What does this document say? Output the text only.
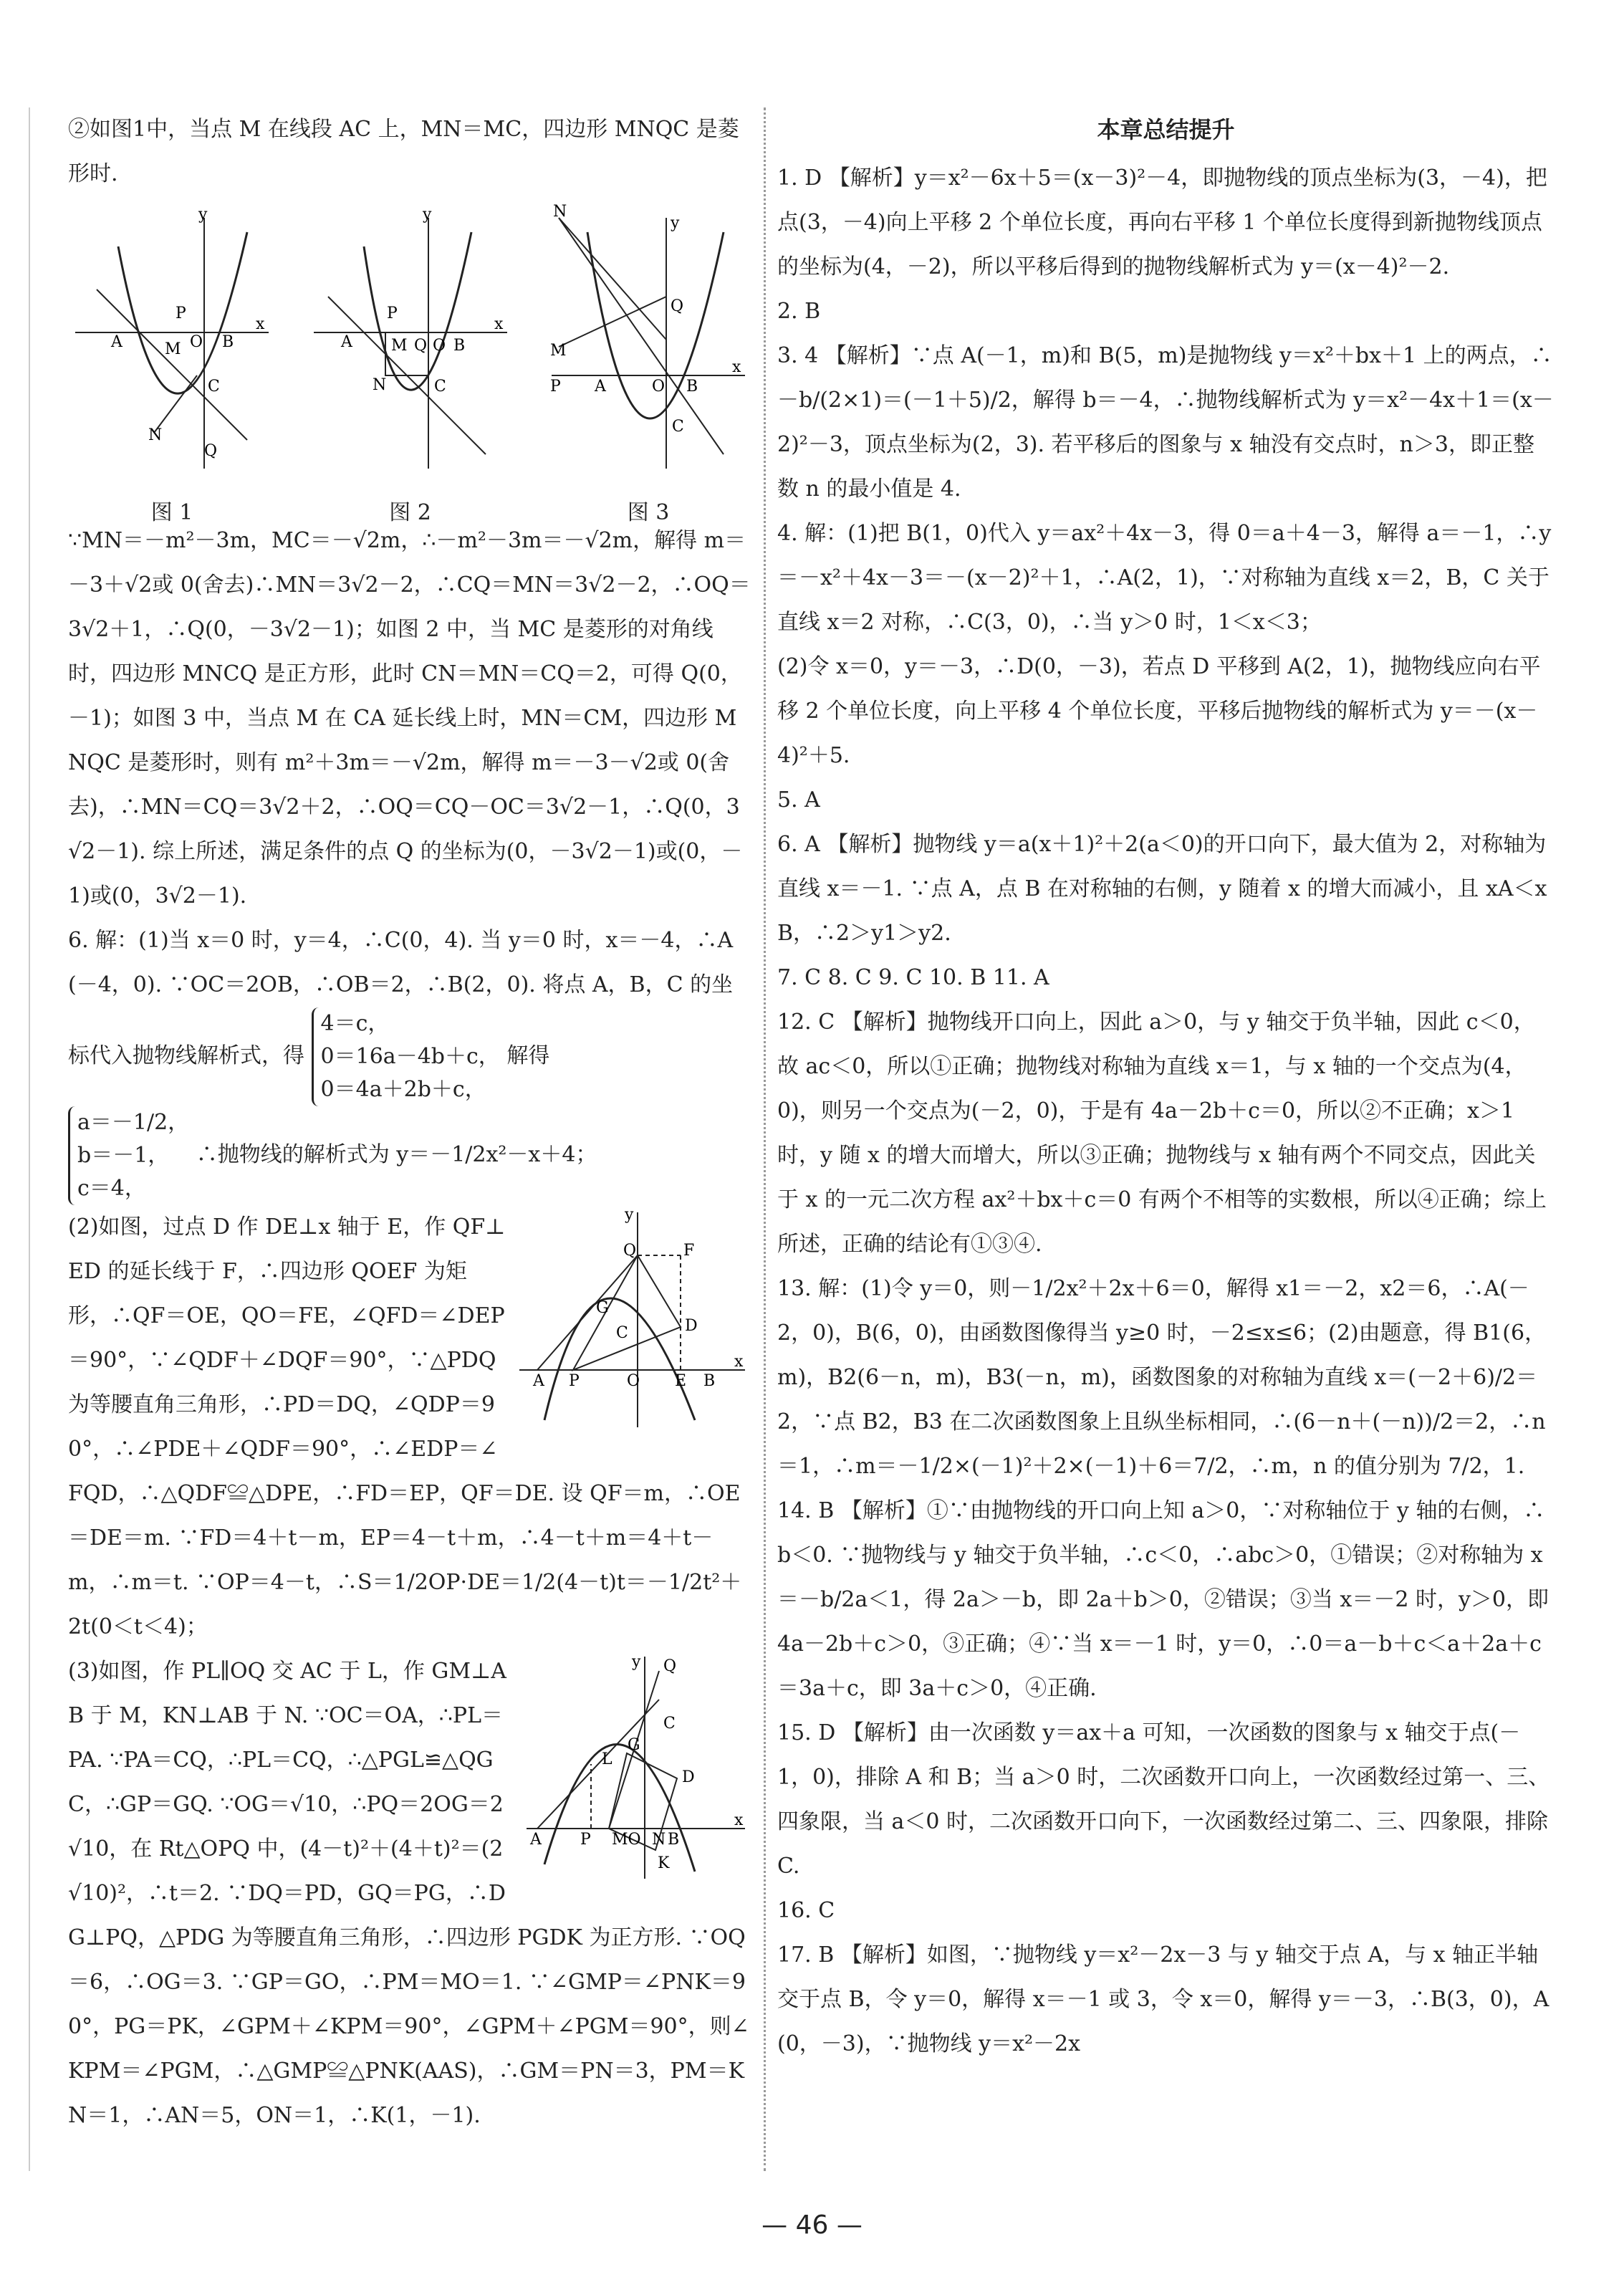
②如图1中，当点 M 在线段 AC 上，MN＝MC，四边形 MNQC 是菱形时.

y
x
A
P
O B
M
C
N
Q
图 1
y
x
A
P
M Q O B
N	C
图 2
y
x
N
Q
M
P A	O B
C
图 3

∵MN＝－m²－3m，MC＝－√2m，∴－m²－3m＝－√2m，解得 m＝－3＋√2或 0(舍去)∴MN＝3√2－2，∴CQ＝MN＝3√2－2，∴OQ＝3√2＋1，∴Q(0，－3√2－1)；如图 2 中，当 MC 是菱形的对角线时，四边形 MNCQ 是正方形，此时 CN＝MN＝CQ＝2，可得 Q(0，－1)；如图 3 中，当点 M 在 CA 延长线上时，MN＝CM，四边形 MNQC 是菱形时，则有 m²＋3m＝－√2m，解得 m＝－3－√2或 0(舍去)，∴MN＝CQ＝3√2＋2，∴OQ＝CQ－OC＝3√2－1，∴Q(0，3√2－1). 综上所述，满足条件的点 Q 的坐标为(0，－3√2－1)或(0，－1)或(0，3√2－1).

6. 解：(1)当 x＝0 时，y＝4，∴C(0，4). 当 y＝0 时，x＝－4，∴A(－4，0). ∵OC＝2OB，∴OB＝2，∴B(2，0). 将点 A，B，C 的坐标代入抛物线解析式，得 4＝c，
0＝16a－4b＋c，
0＝4a＋2b＋c， 解得

a＝－1/2，
b＝－1，
c＝4， ∴抛物线的解析式为 y＝－1/2x²－x＋4；

y
x
Q	F
G
C	D
A P	O E B

(2)如图，过点 D 作 DE⊥x 轴于 E，作 QF⊥ED 的延长线于 F，∴四边形 QOEF 为矩形，∴QF＝OE，QO＝FE，∠QFD＝∠DEP＝90°，∵∠QDF＋∠DQF＝90°，∵△PDQ 为等腰直角三角形，∴PD＝DQ，∠QDP＝90°，∴∠PDE＋∠QDF＝90°，∴∠EDP＝∠FQD，∴△QDF≌△DPE，∴FD＝EP，QF＝DE. 设 QF＝m，∴OE＝DE＝m. ∵FD＝4＋t－m，EP＝4－t＋m，∴4－t＋m＝4＋t－m，∴m＝t. ∵OP＝4－t，∴S＝1/2OP·DE＝1/2(4－t)t＝－1/2t²＋2t(0＜t＜4)；

y Q
x
L
G
C
D
A P MO N B
K

(3)如图，作 PL∥OQ 交 AC 于 L，作 GM⊥AB 于 M，KN⊥AB 于 N. ∵OC＝OA，∴PL＝PA. ∵PA＝CQ，∴PL＝CQ，∴△PGL≌△QGC，∴GP＝GQ. ∵OG＝√10，∴PQ＝2OG＝2√10，在 Rt△OPQ 中，(4－t)²＋(4＋t)²＝(2√10)²，∴t＝2. ∵DQ＝PD，GQ＝PG，∴DG⊥PQ，△PDG 为等腰直角三角形，∴四边形 PGDK 为正方形. ∵OQ＝6，∴OG＝3. ∵GP＝GO，∴PM＝MO＝1. ∵∠GMP＝∠PNK＝90°，PG＝PK，∠GPM＋∠KPM＝90°，∠GPM＋∠PGM＝90°，则∠KPM＝∠PGM，∴△GMP≌△PNK(AAS)，∴GM＝PN＝3，PM＝KN＝1，∴AN＝5，ON＝1，∴K(1，－1).

本章总结提升

1. D 【解析】y＝x²－6x＋5＝(x－3)²－4，即抛物线的顶点坐标为(3，－4)，把点(3，－4)向上平移 2 个单位长度，再向右平移 1 个单位长度得到新抛物线顶点的坐标为(4，－2)，所以平移后得到的抛物线解析式为 y＝(x－4)²－2.

2. B

3. 4 【解析】∵点 A(－1，m)和 B(5，m)是抛物线 y＝x²＋bx＋1 上的两点，∴－b/(2×1)＝(－1＋5)/2，解得 b＝－4，∴抛物线解析式为 y＝x²－4x＋1＝(x－2)²－3，顶点坐标为(2，3). 若平移后的图象与 x 轴没有交点时，n＞3，即正整数 n 的最小值是 4.

4. 解：(1)把 B(1，0)代入 y＝ax²＋4x－3，得 0＝a＋4－3，解得 a＝－1，∴y＝－x²＋4x－3＝－(x－2)²＋1，∴A(2，1)，∵对称轴为直线 x＝2，B，C 关于直线 x＝2 对称，∴C(3，0)，∴当 y＞0 时，1＜x＜3；

(2)令 x＝0，y＝－3，∴D(0，－3)，若点 D 平移到 A(2，1)，抛物线应向右平移 2 个单位长度，向上平移 4 个单位长度，平移后抛物线的解析式为 y＝－(x－4)²＋5.

5. A

6. A 【解析】抛物线 y＝a(x＋1)²＋2(a＜0)的开口向下，最大值为 2，对称轴为直线 x＝－1. ∵点 A，点 B 在对称轴的右侧，y 随着 x 的增大而减小，且 xA＜xB，∴2＞y1＞y2.

7. C 8. C 9. C 10. B 11. A

12. C 【解析】抛物线开口向上，因此 a＞0，与 y 轴交于负半轴，因此 c＜0，故 ac＜0，所以①正确；抛物线对称轴为直线 x＝1，与 x 轴的一个交点为(4，0)，则另一个交点为(－2，0)，于是有 4a－2b＋c＝0，所以②不正确；x＞1 时，y 随 x 的增大而增大，所以③正确；抛物线与 x 轴有两个不同交点，因此关于 x 的一元二次方程 ax²＋bx＋c＝0 有两个不相等的实数根，所以④正确；综上所述，正确的结论有①③④.

13. 解：(1)令 y＝0，则－1/2x²＋2x＋6＝0，解得 x1＝－2，x2＝6，∴A(－2，0)，B(6，0)，由函数图像得当 y≥0 时，－2≤x≤6；(2)由题意，得 B1(6，m)，B2(6－n，m)，B3(－n，m)，函数图象的对称轴为直线 x＝(－2＋6)/2＝2，∵点 B2，B3 在二次函数图象上且纵坐标相同，∴(6－n＋(－n))/2＝2，∴n＝1，∴m＝－1/2×(－1)²＋2×(－1)＋6＝7/2，∴m，n 的值分别为 7/2，1.

14. B 【解析】①∵由抛物线的开口向上知 a＞0，∵对称轴位于 y 轴的右侧，∴b＜0. ∵抛物线与 y 轴交于负半轴，∴c＜0，∴abc＞0，①错误；②对称轴为 x＝－b/2a＜1，得 2a＞－b，即 2a＋b＞0，②错误；③当 x＝－2 时，y＞0，即 4a－2b＋c＞0，③正确；④∵当 x＝－1 时，y＝0，∴0＝a－b＋c＜a＋2a＋c＝3a＋c，即 3a＋c＞0，④正确.

15. D 【解析】由一次函数 y＝ax＋a 可知，一次函数的图象与 x 轴交于点(－1，0)，排除 A 和 B；当 a＞0 时，二次函数开口向上，一次函数经过第一、三、四象限，当 a＜0 时，二次函数开口向下，一次函数经过第二、三、四象限，排除 C.

16. C

17. B 【解析】如图，∵抛物线 y＝x²－2x－3 与 y 轴交于点 A，与 x 轴正半轴交于点 B，令 y＝0，解得 x＝－1 或 3，令 x＝0，解得 y＝－3，∴B(3，0)，A(0，－3)，∵抛物线 y＝x²－2x

— 46 —
